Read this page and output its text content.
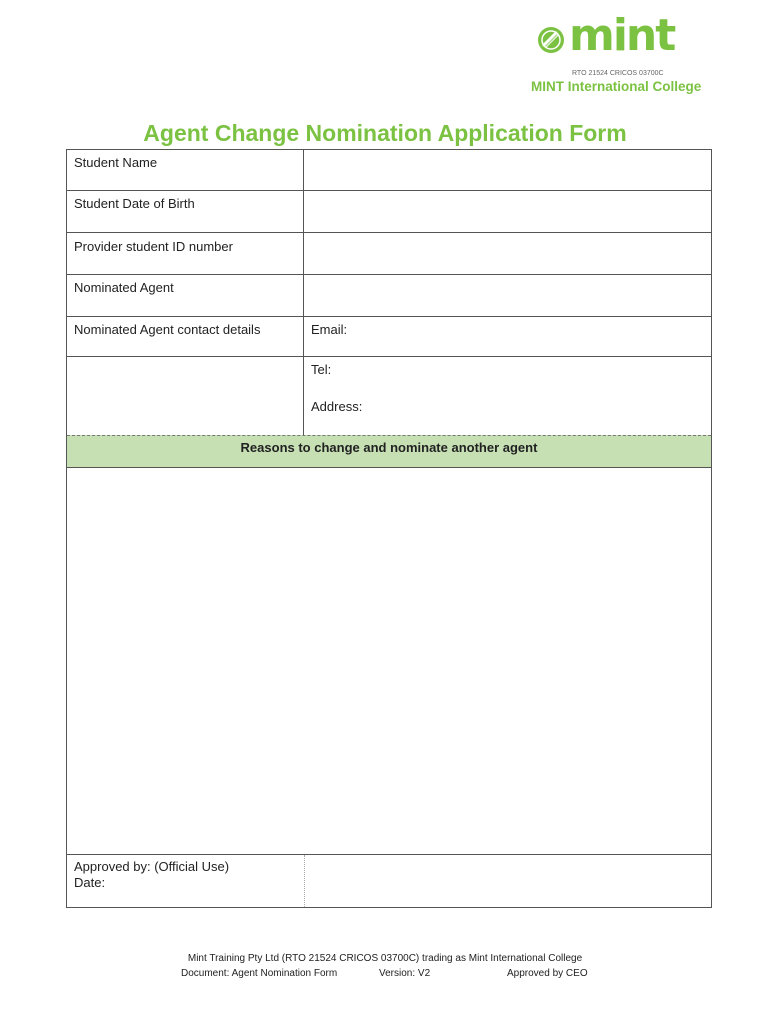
mint
RTO 21524 CRICOS 03700C
MINT International College
Agent Change Nomination Application Form
Student Name
Student Date of Birth
Provider student ID number
Nominated Agent
Nominated Agent contact details	Email:
Tel:
Address:
Reasons to change and nominate another agent
Approved by: (Official Use)
Date:
Mint Training Pty Ltd (RTO 21524 CRICOS 03700C) trading as Mint International College
Document: Agent Nomination Form	Version: V2	Approved by CEO
